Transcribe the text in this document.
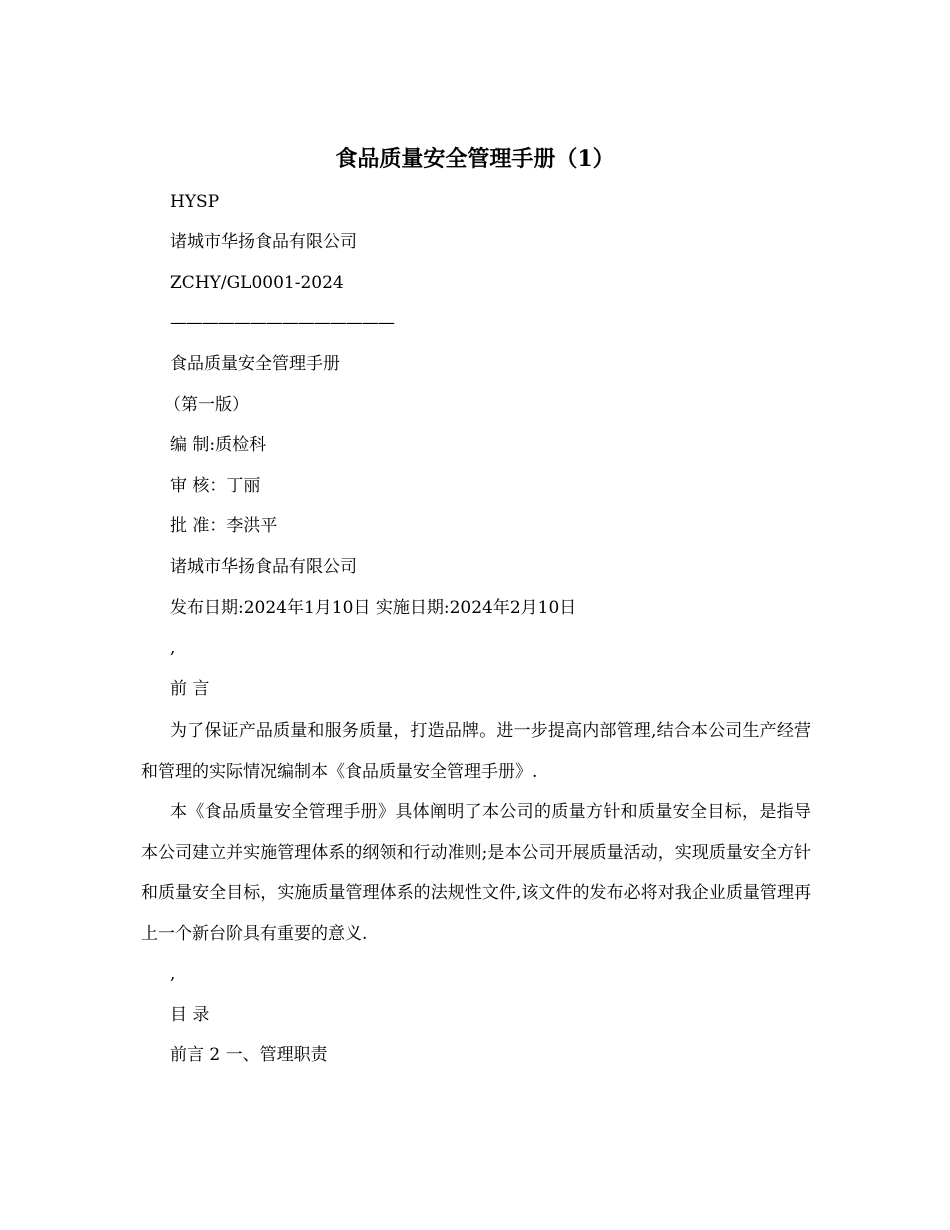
食品质量安全管理手册（1）
HYSP
诸城市华扬食品有限公司
ZCHY/GL0001-2024
——————————————
食品质量安全管理手册
（第一版）
编 制:质检科
审 核：丁丽
批 准：李洪平
诸城市华扬食品有限公司
发布日期:2024年1月10日 实施日期:2024年2月10日
,
前 言
为了保证产品质量和服务质量，打造品牌。进一步提高内部管理,结合本公司生产经营和管理的实际情况编制本《食品质量安全管理手册》.
本《食品质量安全管理手册》具体阐明了本公司的质量方针和质量安全目标，是指导本公司建立并实施管理体系的纲领和行动准则;是本公司开展质量活动，实现质量安全方针和质量安全目标，实施质量管理体系的法规性文件,该文件的发布必将对我企业质量管理再上一个新台阶具有重要的意义.
,
目 录
前言 2 一、管理职责
